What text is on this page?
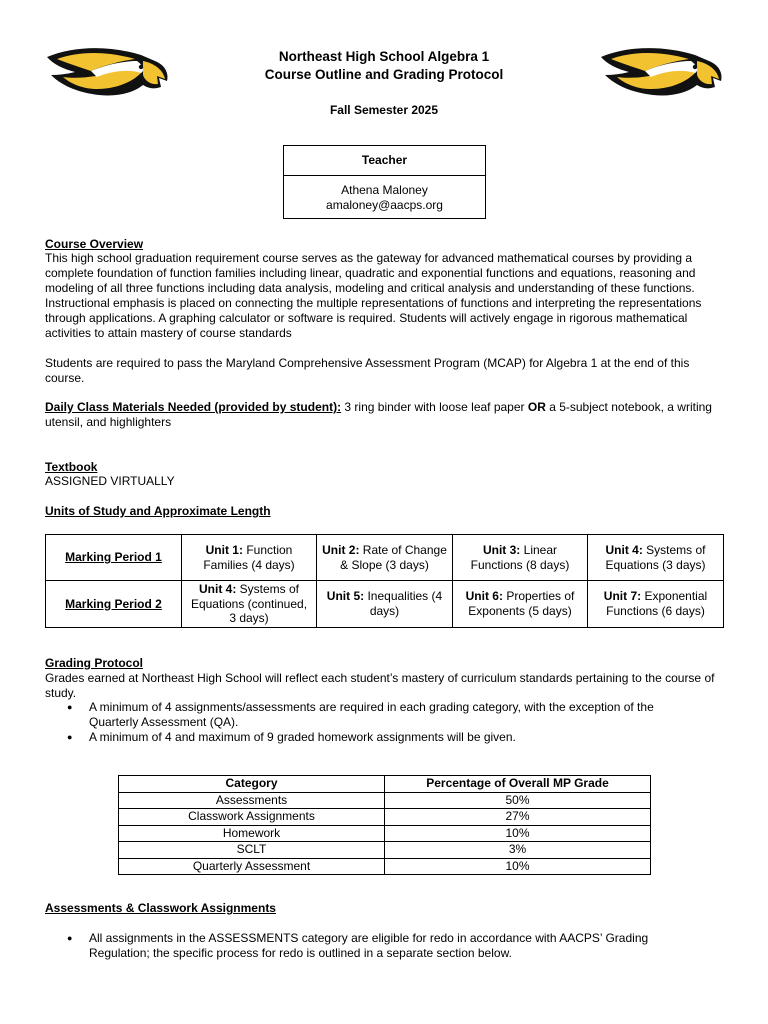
Northeast High School Algebra 1
Course Outline and Grading Protocol
Fall Semester 2025
Teacher
Athena Maloney
amaloney@aacps.org
Course Overview

This high school graduation requirement course serves as the gateway for advanced mathematical courses by providing a complete foundation of function families including linear, quadratic and exponential functions and equations, reasoning and modeling of all three functions including data analysis, modeling and critical analysis and understanding of these functions. Instructional emphasis is placed on connecting the multiple representations of functions and interpreting the representations through applications. A graphing calculator or software is required. Students will actively engage in rigorous mathematical activities to attain mastery of course standards

Students are required to pass the Maryland Comprehensive Assessment Program (MCAP) for Algebra 1 at the end of this course.

Daily Class Materials Needed (provided by student): 3 ring binder with loose leaf paper OR a 5-subject notebook, a writing utensil, and highlighters

Textbook
ASSIGNED VIRTUALLY
Units of Study and Approximate Length
Marking Period 1	Unit 1: Function Families (4 days)	Unit 2: Rate of Change & Slope (3 days)	Unit 3: Linear Functions (8 days)	Unit 4: Systems of Equations (3 days)
Marking Period 2	Unit 4: Systems of Equations (continued, 3 days)	Unit 5: Inequalities (4 days)	Unit 6: Properties of Exponents (5 days)	Unit 7: Exponential Functions (6 days)
Grading Protocol

Grades earned at Northeast High School will reflect each student’s mastery of curriculum standards pertaining to the course of study.

● A minimum of 4 assignments/assessments are required in each grading category, with the exception of the Quarterly Assessment (QA).
● A minimum of 4 and maximum of 9 graded homework assignments will be given.
Category	Percentage of Overall MP Grade
Assessments	50%
Classwork Assignments	27%
Homework	10%
SCLT	3%
Quarterly Assessment	10%
Assessments & Classwork Assignments
● All assignments in the ASSESSMENTS category are eligible for redo in accordance with AACPS’ Grading Regulation; the specific process for redo is outlined in a separate section below.
